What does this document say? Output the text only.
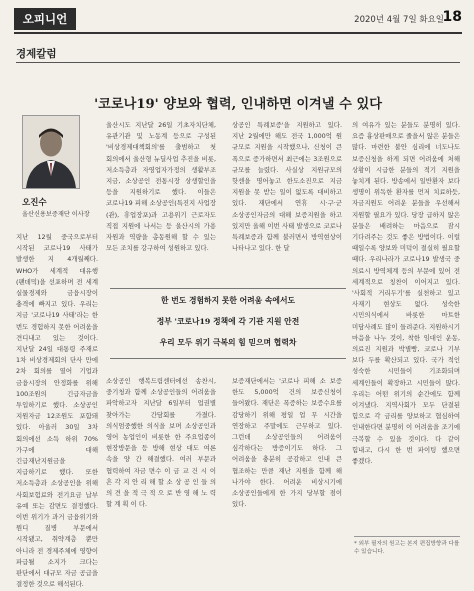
오피니언	2020년 4월 7일 화요일
18
경제칼럼
'코로나19' 양보와 협력, 인내하면 이겨낼 수 있다
오진수
울산신용보증재단 이사장
지난 12월 중국으로부터 시작된 코로나19 사태가 발생한 지 4개월째다. WHO가 세계적 대유행(팬데믹)을 선포하며 전 세계 실물경제와 금융시장이 충격에 빠지고 있다. 우리는 지금 '코로나19 사태'라는 한 번도 경험하지 못한 어려움을 견디내고 있는 것이다. 지난달 24일 대통령 주재로 1차 비상경제회의 단사 만에 2차 회의를 열어 기업과 금융시장의 안정화를 위해 100조원의 긴급자금을 투입하기로 했다. 소상공인 지원자금 12조원도 포함돼 있다. 아울러 30일 3차 회의에선 소득 하위 70% 가구에 대해 긴급재난지원금을 지급하기로 했다. 또한 저소득층과 소상공인을 위해 사회보험료와 전기요금 납부 유예 또는 감면도 결정했다. 이번 위기가 과거 금융위기와 뭔디 질병 부문에서 시작됐고, 취약계층 뿐만 아니라 전 경제주체에 영향이 파급될 소지가 크다는 판단에서 대규모 자금 공급을 결정한 것으로 해석된다.
울산시도 지난달 26일 기초자치단체, 유관기관 및 노동계 등으로 구성된 '비상경제대책회의'를 출범하고 첫 회의에서 울산형 뉴딜사업 추진을 비롯, 저소득층과 자영업자가정의 생활부조 지금, 소상공인 전통시장 상생할인을 등을 지원하기로 했다. 이들은 코로나19 피해 소상공인(특진지 사업장(관), 휴업장포)과 고용위기 근로자도 직접 지원에 나서는 등 울산시의 가용 자원과 역량을 총동원해 할 수 있는 모든 조치를 강구하여 성원하고 있다.
상공인 특례보증'을 지원하고 있다. 지난 2월에만 해도 전국 1,000억 원 규모로 지원을 시작했으나, 신청이 큰 폭으로 증가하면서 최근에는 3조원으로 규모를 늘렸다. 사실상 지원규모의 핫센을 명어놓고 한도소진으로 지금 지원을 못 받는 일이 없도록 대비하고 있다. 재단에서 연휴 시·구·군 소상공인자금의 대해 보증지원을 하고 있지만 올해 이번 사태 발생으로 코로나 특례보증과 함께 불러면서 방역현상이 나타나고 있다. 한 달
의 여유가 있는 분들도 분명히 있다. 요즘 흉상판매으로 줄을서 않은 분들은 많다. 마련한 불안 심리에 너도나도 보증신청을 하게 되면 어려움에 처해 상황이 시급한 분들의 적기 지원을 놓치게 된다. 방송에서 일반환자 보다 생명이 위독한 환자를 먼저 치료하듯, 자금지원도 어려운 분들을 우선해서 지원할 필요가 있다. 당장 급하지 않은 분들은 배려하는 마음으로 잠시 기다려주는 것도 좋은 방법이다. 이럴 때일수록 양보와 미덕이 절실히 필요할 때다. 우리나라가 코로나19 발생국 중 의료시 방역체계 등의 부문에 있어 전 세계적으로 칭찬이 이어지고 있다. '사회적 거리두기'를 실천하고 있고 사재기 현상도 없다. 성숙한 시민의식에서 바롯한 마트한 미담사례도 많이 들려준다. 지원하시기 마음을 나누 것이, 착한 임대인 운동, 의료진 지원과 박별빵, 코로나 기부 보다 두를 확산되고 있다. 국가 적인 성숙한 시민들이 기조화되며 세계인들이 확장하고 시민들이 많다. 우리는 어떤 위기의 순간에도 함께 이겨냈다. 지역사회가 모두 단결된 힘으로 각 금리를 양보하고 협심하여 인내한다면 분명히 이 어려움을 조기에 극복할 수 있을 것이다. 다 같이 힘내고, 다시 한 번 파이팅 했으면 좋겠다.
한 번도 경험하지 못한 어려움 속에서도
정부 '코로나19 정책에 각 기관 지원 안전
우리 모두 위기 극복의 힘 믿으며 협력차
소상공인 행복드림센터에선 송찬시, 중기청과 함께 소상공인들의 어려움을 파악하고자 지난달 6일부터 업권별 찾아가는 간담회를 가졌다. 의식엄중했한 의식을 보며 소상공인과 영어 농업인이 비롯한 한 주요업종이 현장방문을 등 방해 현상 대도 여론 속을 양 간 해결했다. 여러 부문과 협력하여 자금 면수 이 금 교 건 시 이 흔 각 지 안 리 해 할 소 상 공 인 들 의 의 견 을 적 극 적 으 로 반 영 해 노 력 할 계 획 이 다.
보증재단에서는 '코로나 피해 소 보증 한도 5,000억 건의 보증신청이 들어왔다. 재단은 폭증하는 보증수요를 감당하기 위해 평일 업 무 시간을 연장하고 주말에도 근무하고 있다. 그런데 소상공인들의 어려움이 심각하다는 방증이기도 하다. 그 어려움을 충분히 공감하고 인내 큰 협조하는 만큼 재난 지원을 함께 해 나가야 한다. 어려운 비상시기에 소상공인들에게 한 가지 당부할 점이 있다.
* 외부 필자의 원고는 본지 편집방향과 다를 수 있습니다.
